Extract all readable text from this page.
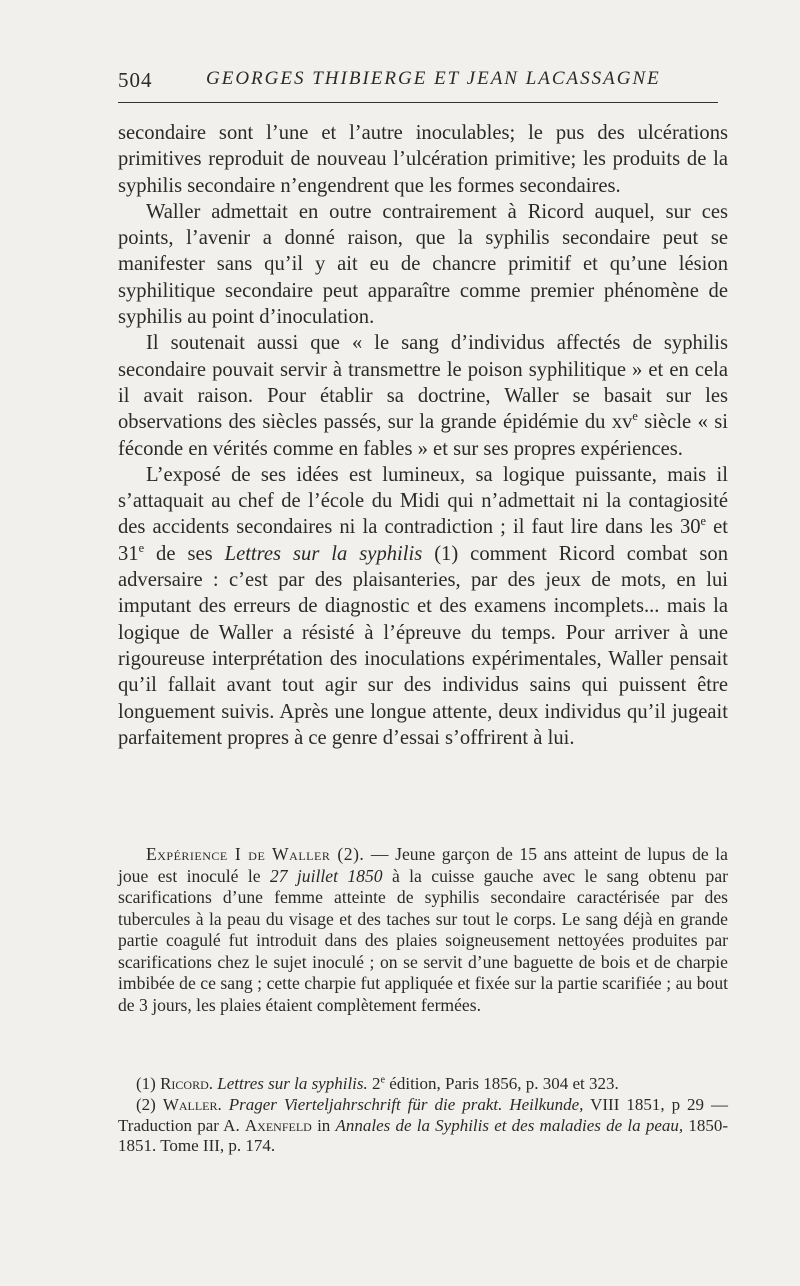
504	GEORGES THIBIERGE ET JEAN LACASSAGNE

secondaire sont l’une et l’autre inoculables; le pus des ulcérations primitives reproduit de nouveau l’ulcération primitive; les produits de la syphilis secondaire n’engendrent que les formes secondaires.

Waller admettait en outre contrairement à Ricord auquel, sur ces points, l’avenir a donné raison, que la syphilis secondaire peut se manifester sans qu’il y ait eu de chancre primitif et qu’une lésion syphilitique secondaire peut apparaître comme premier phénomène de syphilis au point d’inoculation.

Il soutenait aussi que « le sang d’individus affectés de syphilis secondaire pouvait servir à transmettre le poison syphilitique » et en cela il avait raison. Pour établir sa doctrine, Waller se basait sur les observations des siècles passés, sur la grande épidémie du $xv^e$ siècle « si féconde en vérités comme en fables » et sur ses propres expériences.

L’exposé de ses idées est lumineux, sa logique puissante, mais il s’attaquait au chef de l’école du Midi qui n’admettait ni la contagiosité des accidents secondaires ni la contradiction ; il faut lire dans les 30e et 31e de ses Lettres sur la syphilis (1) comment Ricord combat son adversaire : c’est par des plaisanteries, par des jeux de mots, en lui imputant des erreurs de diagnostic et des examens incomplets... mais la logique de Waller a résisté à l’épreuve du temps. Pour arriver à une rigoureuse interprétation des inoculations expérimentales, Waller pensait qu’il fallait avant tout agir sur des individus sains qui puissent être longuement suivis. Après une longue attente, deux individus qu’il jugeait parfaitement propres à ce genre d’essai s’offrirent à lui.

Expérience I de Waller (2). — Jeune garçon de 15 ans atteint de lupus de la joue est inoculé le 27 juillet 1850 à la cuisse gauche avec le sang obtenu par scarifications d’une femme atteinte de syphilis secondaire caractérisée par des tubercules à la peau du visage et des taches sur tout le corps. Le sang déjà en grande partie coagulé fut introduit dans des plaies soigneusement nettoyées produites par scarifications chez le sujet inoculé ; on se servit d’une baguette de bois et de charpie imbibée de ce sang ; cette charpie fut appliquée et fixée sur la partie scarifiée ; au bout de 3 jours, les plaies étaient complètement fermées.

(1) Ricord. Lettres sur la syphilis. 2e édition, Paris 1856, p. 304 et 323.

(2) Waller. Prager Vierteljahrschrift für die prakt. Heilkunde, VIII 1851, p 29 —Traduction par A. Axenfeld in Annales de la Syphilis et des maladies de la peau, 1850-1851. Tome III, p. 174.
